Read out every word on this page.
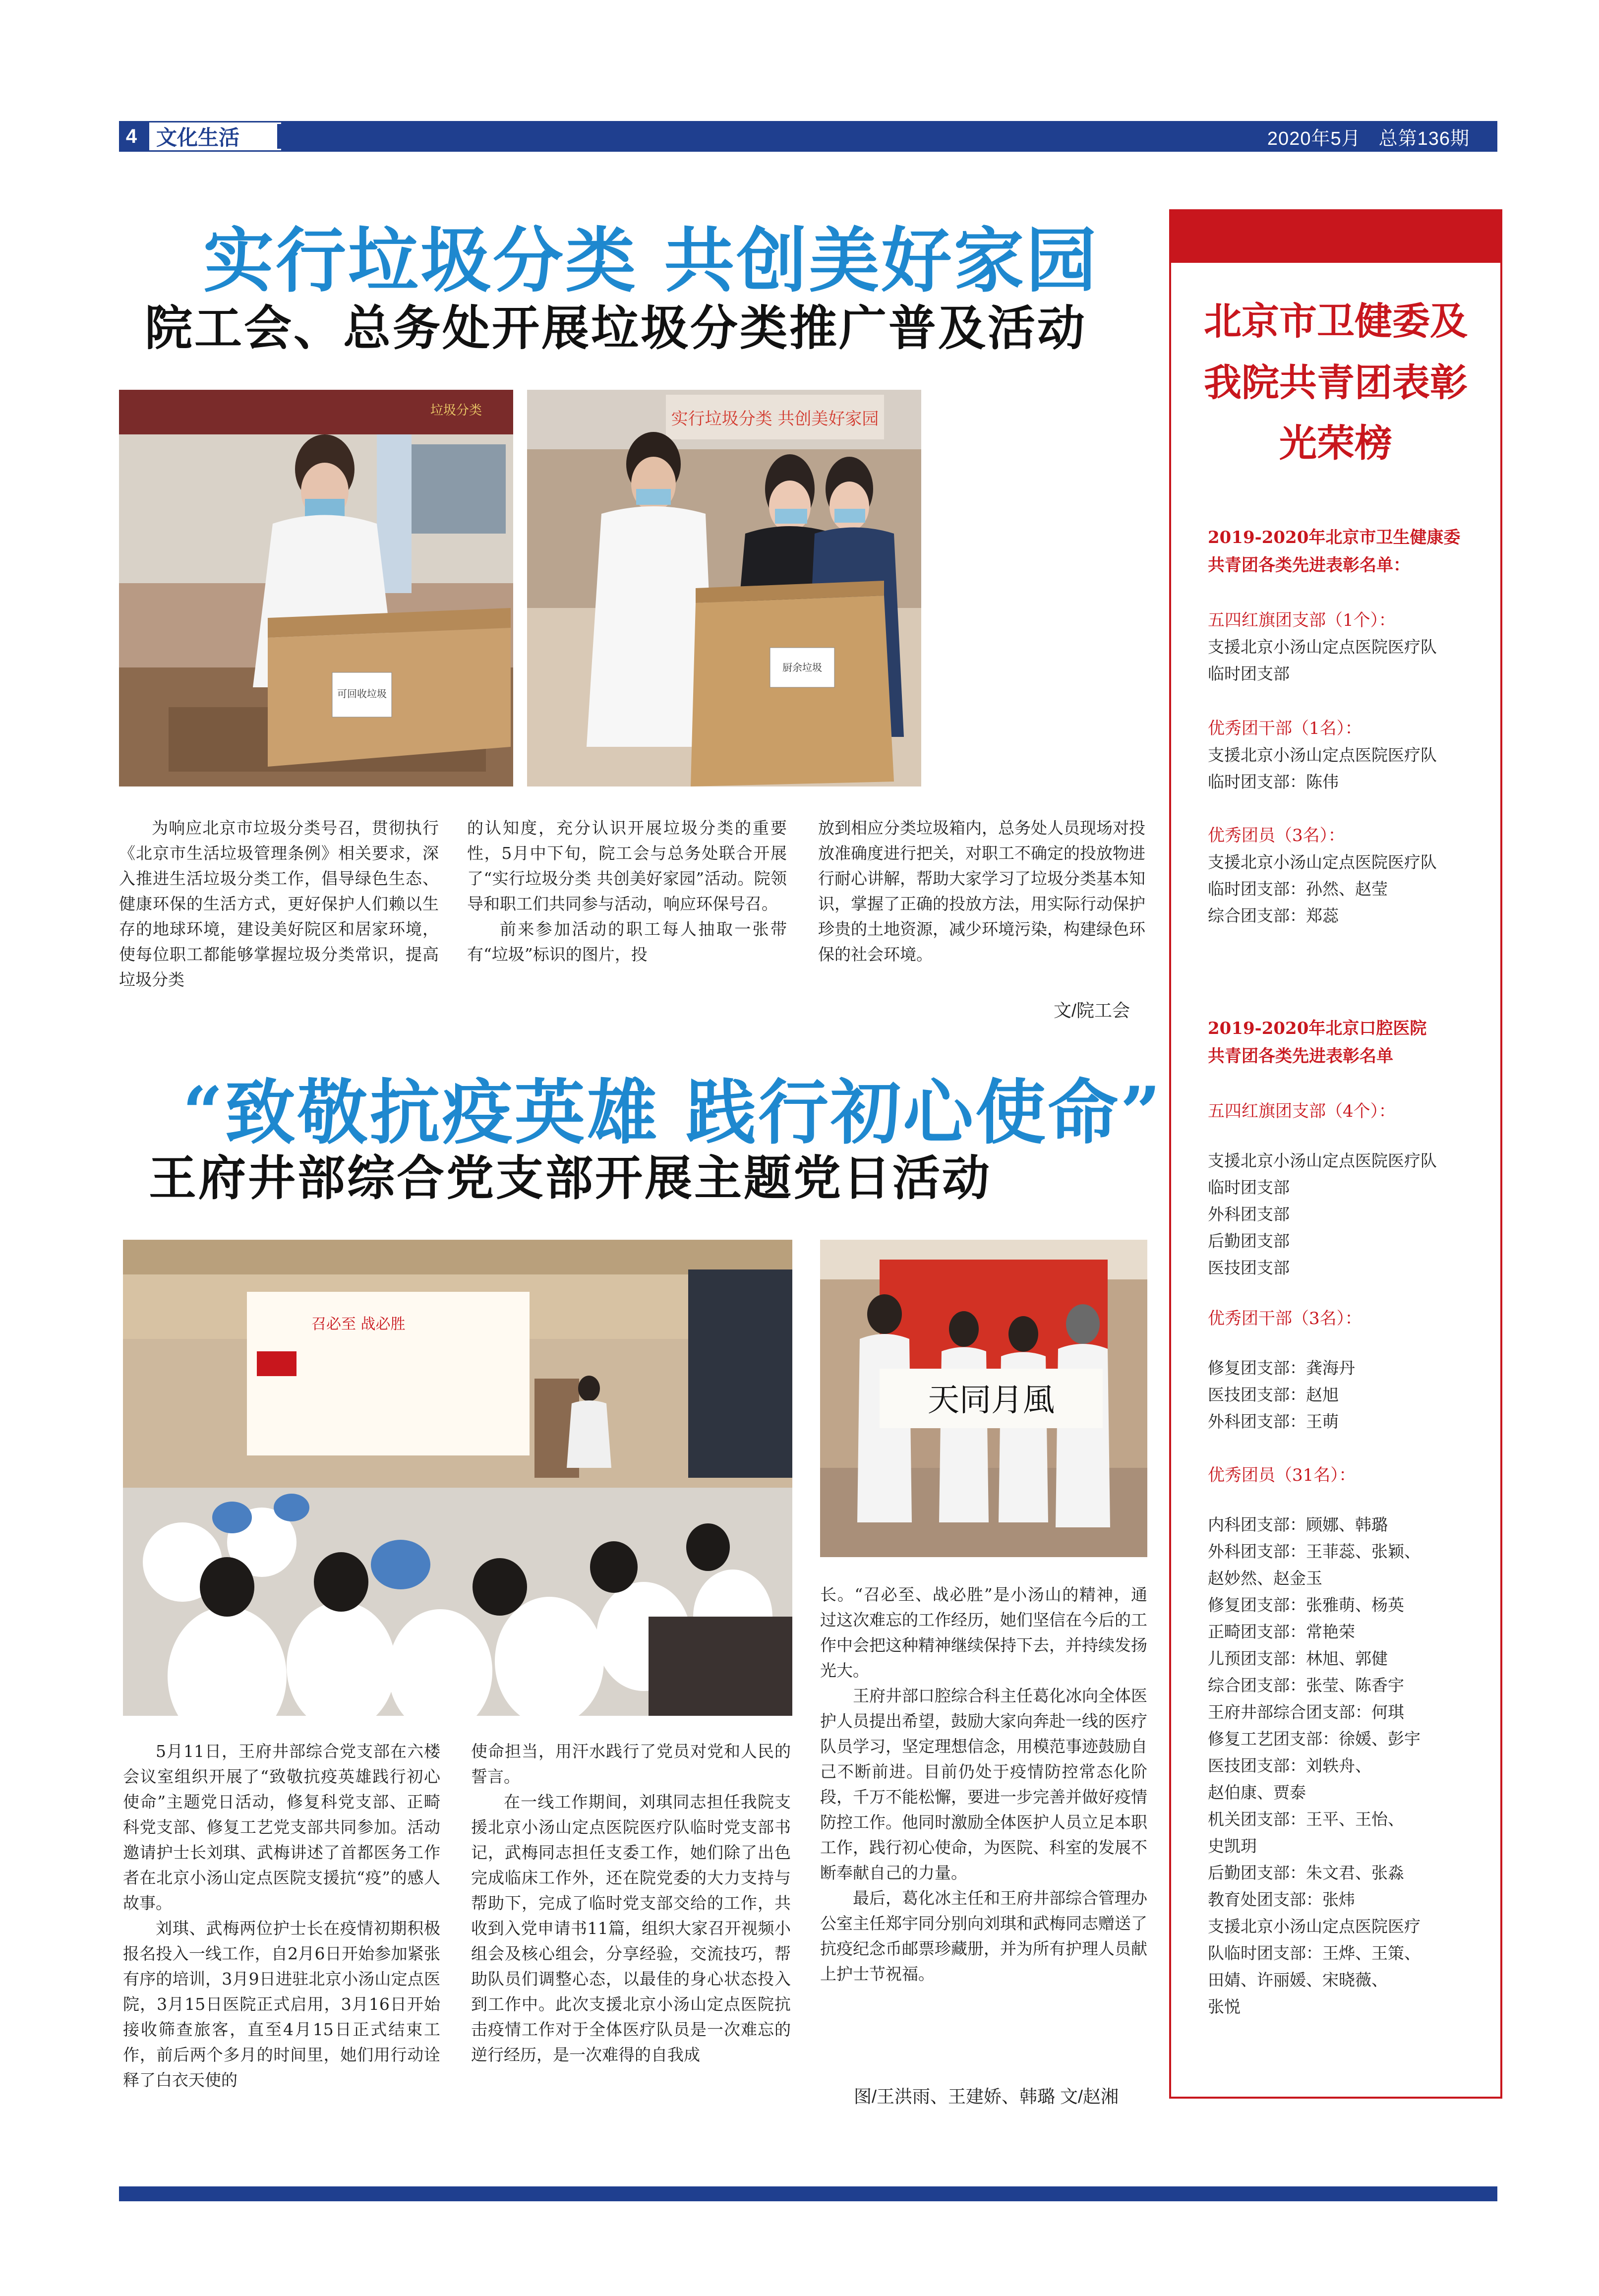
4 文化生活	2020年5月 总第136期
实行垃圾分类 共创美好家园
院工会、总务处开展垃圾分类推广普及活动
可回收垃圾
垃圾分类	实行垃圾分类 共创美好家园
厨余垃圾

为响应北京市垃圾分类号召，贯彻执行《北京市生活垃圾管理条例》相关要求，深入推进生活垃圾分类工作，倡导绿色生态、健康环保的生活方式，更好保护人们赖以生存的地球环境，建设美好院区和居家环境，使每位职工都能够掌握垃圾分类常识，提高垃圾分类

的认知度，充分认识开展垃圾分类的重要性，5月中下旬，院工会与总务处联合开展了“实行垃圾分类 共创美好家园”活动。院领导和职工们共同参与活动，响应环保号召。

前来参加活动的职工每人抽取一张带有“垃圾”标识的图片，投

放到相应分类垃圾箱内，总务处人员现场对投放准确度进行把关，对职工不确定的投放物进行耐心讲解，帮助大家学习了垃圾分类基本知识，掌握了正确的投放方法，用实际行动保护珍贵的土地资源，减少环境污染，构建绿色环保的社会环境。

文/院工会
“致敬抗疫英雄 践行初心使命”
王府井部综合党支部开展主题党日活动
召必至 战必胜
天同月風

5月11日，王府井部综合党支部在六楼会议室组织开展了“致敬抗疫英雄践行初心使命”主题党日活动，修复科党支部、正畸科党支部、修复工艺党支部共同参加。活动邀请护士长刘琪、武梅讲述了首都医务工作者在北京小汤山定点医院支援抗“疫”的感人故事。

刘琪、武梅两位护士长在疫情初期积极报名投入一线工作，自2月6日开始参加紧张有序的培训，3月9日进驻北京小汤山定点医院，3月15日医院正式启用，3月16日开始接收筛查旅客，直至4月15日正式结束工作，前后两个多月的时间里，她们用行动诠释了白衣天使的

使命担当，用汗水践行了党员对党和人民的誓言。

在一线工作期间，刘琪同志担任我院支援北京小汤山定点医院医疗队临时党支部书记，武梅同志担任支委工作，她们除了出色完成临床工作外，还在院党委的大力支持与帮助下，完成了临时党支部交给的工作，共收到入党申请书11篇，组织大家召开视频小组会及核心组会，分享经验，交流技巧，帮助队员们调整心态，以最佳的身心状态投入到工作中。此次支援北京小汤山定点医院抗击疫情工作对于全体医疗队员是一次难忘的逆行经历，是一次难得的自我成

长。“召必至、战必胜”是小汤山的精神，通过这次难忘的工作经历，她们坚信在今后的工作中会把这种精神继续保持下去，并持续发扬光大。

王府井部口腔综合科主任葛化冰向全体医护人员提出希望，鼓励大家向奔赴一线的医疗队员学习，坚定理想信念，用模范事迹鼓励自己不断前进。目前仍处于疫情防控常态化阶段，千万不能松懈，要进一步完善并做好疫情防控工作。他同时激励全体医护人员立足本职工作，践行初心使命，为医院、科室的发展不断奉献自己的力量。

最后，葛化冰主任和王府井部综合管理办公室主任郑宇同分别向刘琪和武梅同志赠送了抗疫纪念币邮票珍藏册，并为所有护理人员献上护士节祝福。

图/王洪雨、王建娇、韩璐 文/赵湘
北京市卫健委及
我院共青团表彰
光荣榜
2019-2020年北京市卫生健康委
共青团各类先进表彰名单：
五四红旗团支部（1个）：
支援北京小汤山定点医院医疗队
临时团支部
优秀团干部（1名）：
支援北京小汤山定点医院医疗队
临时团支部：陈伟
优秀团员（3名）：
支援北京小汤山定点医院医疗队
临时团支部：孙然、赵莹
综合团支部：郑蕊
2019-2020年北京口腔医院
共青团各类先进表彰名单
五四红旗团支部（4个）：
支援北京小汤山定点医院医疗队
临时团支部
外科团支部
后勤团支部
医技团支部
优秀团干部（3名）：
修复团支部：龚海丹
医技团支部：赵旭
外科团支部：王萌
优秀团员（31名）：
内科团支部：顾娜、韩璐
外科团支部：王菲蕊、张颖、
赵妙然、赵金玉
修复团支部：张雅萌、杨英
正畸团支部：常艳荣
儿预团支部：林旭、郭健
综合团支部：张莹、陈香宇
王府井部综合团支部：何琪
修复工艺团支部：徐媛、彭宇
医技团支部：刘轶舟、
赵伯康、贾泰
机关团支部：王平、王怡、
史凯玥
后勤团支部：朱文君、张淼
教育处团支部：张炜
支援北京小汤山定点医院医疗
队临时团支部：王烨、王策、
田婧、许丽媛、宋晓薇、
张悦
